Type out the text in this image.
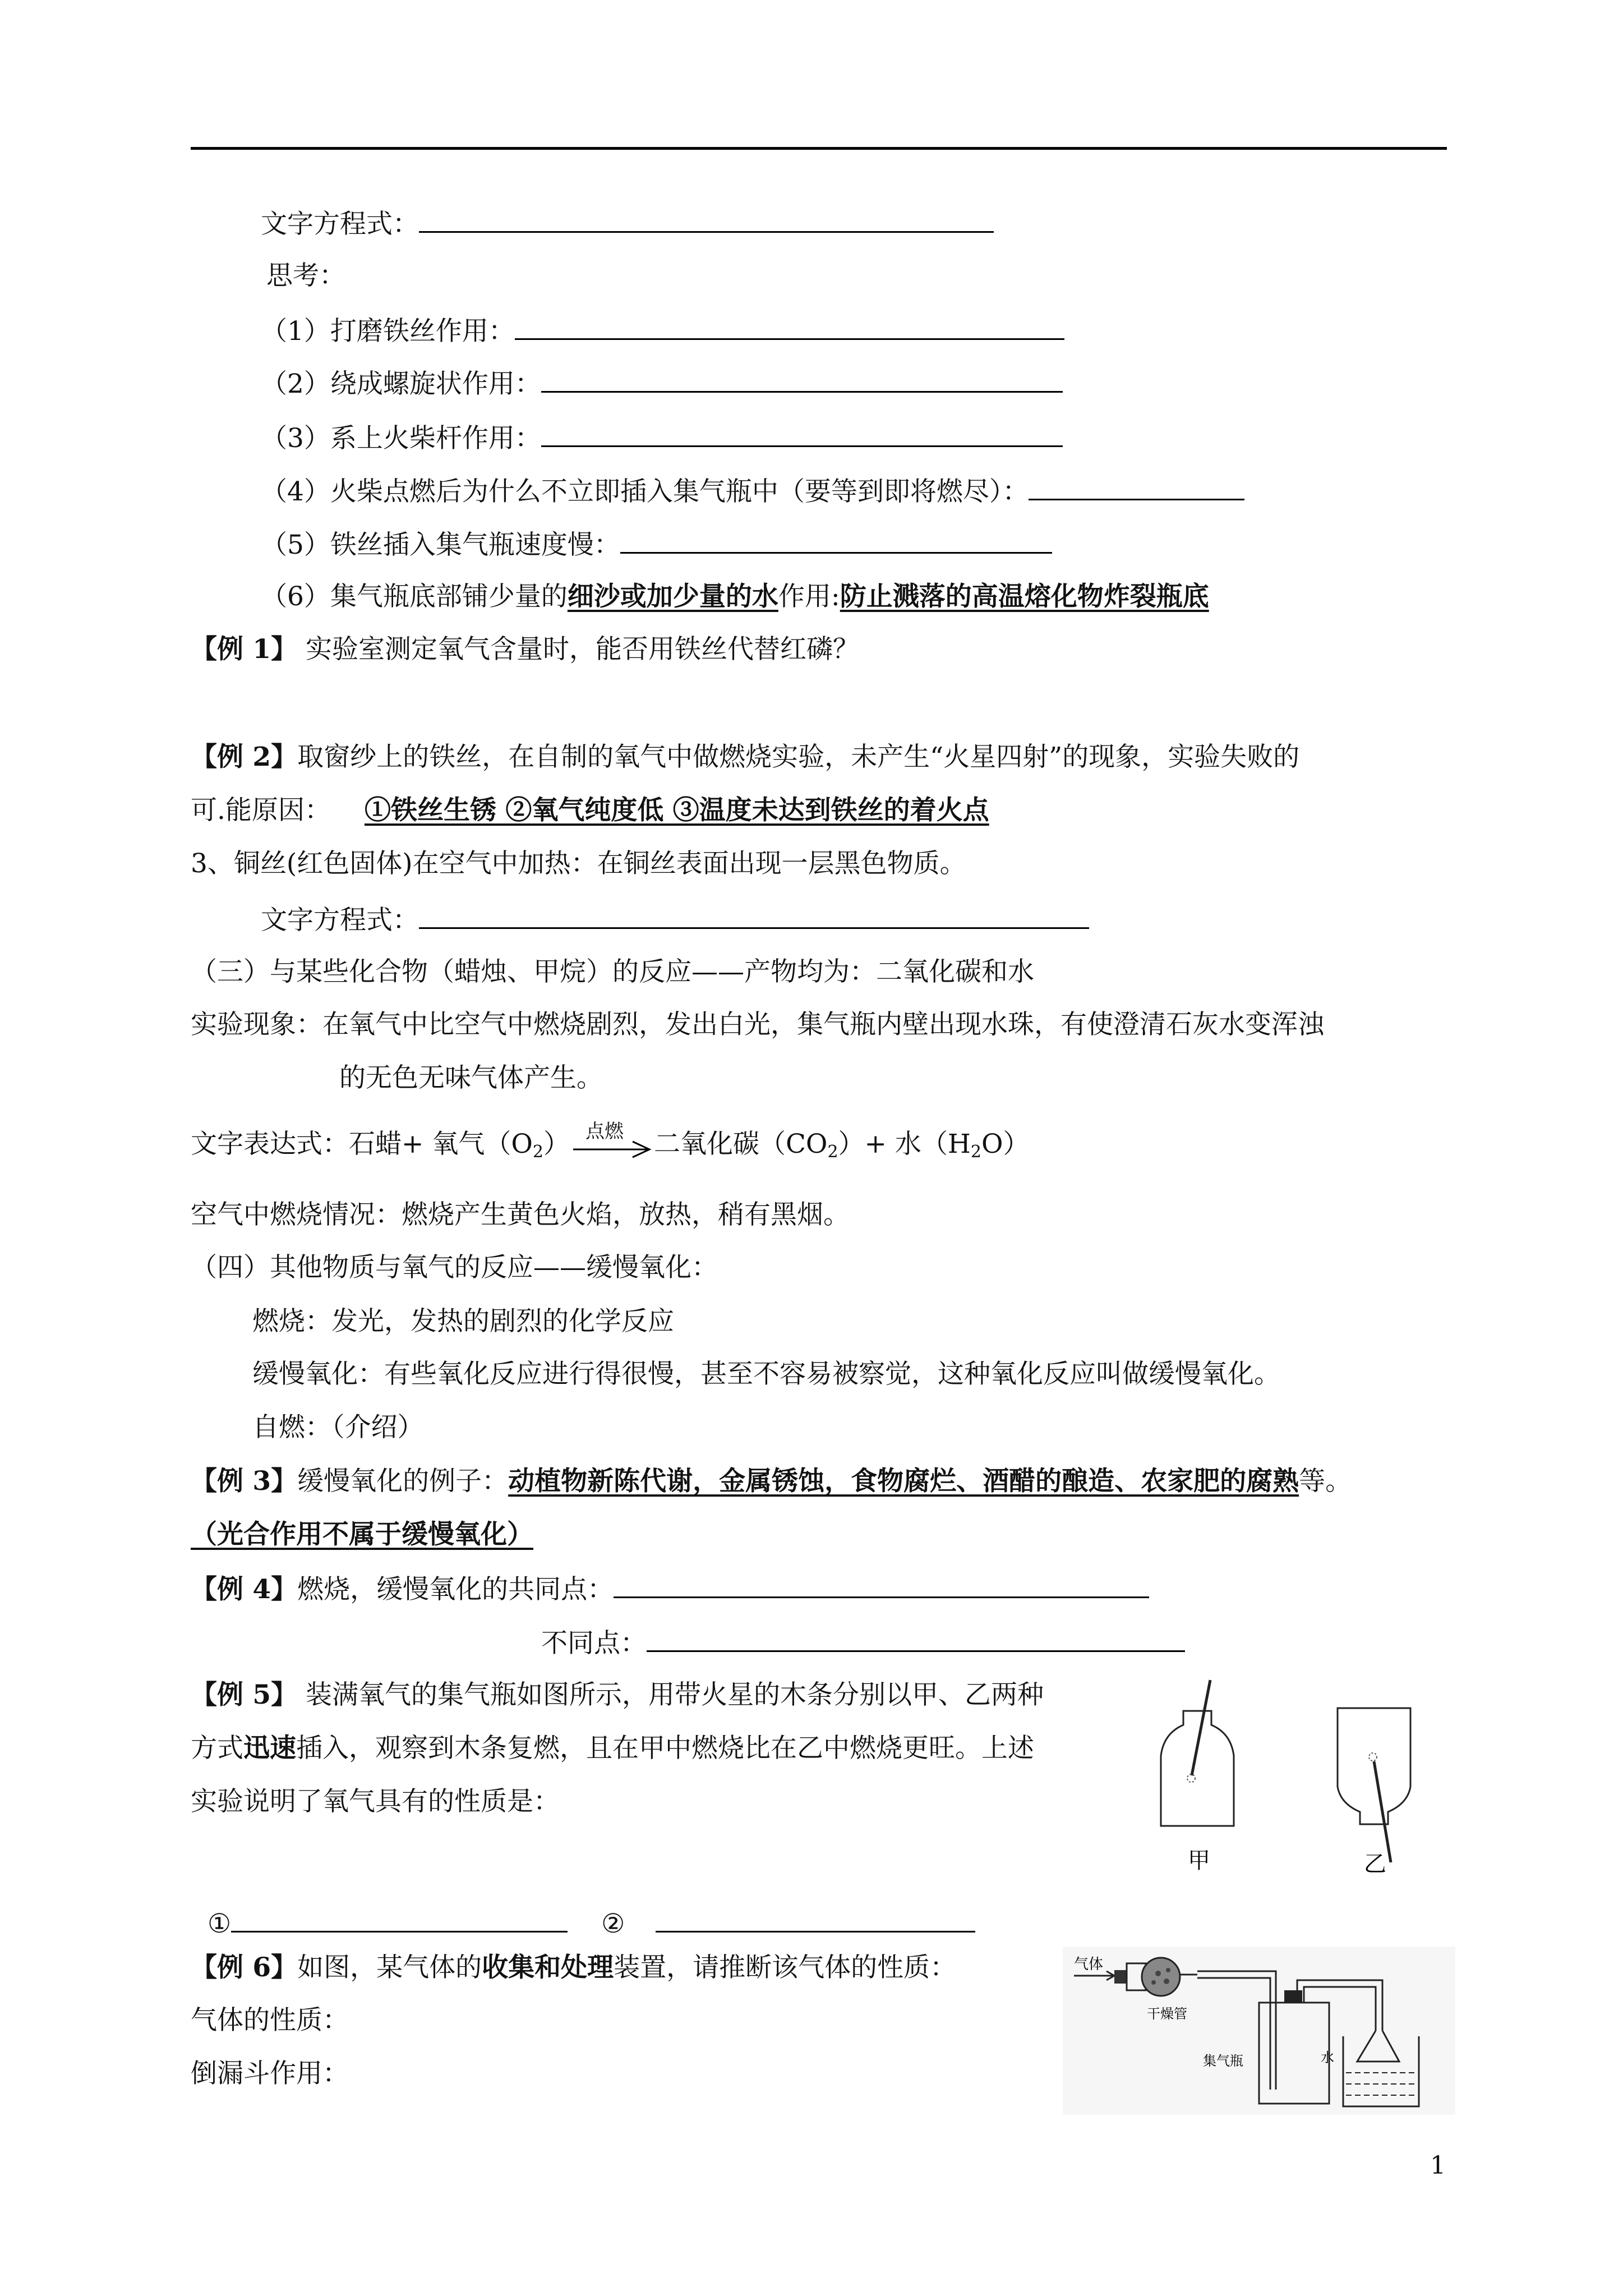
文字方程式：
思考：
（1）打磨铁丝作用：
（2）绕成螺旋状作用：
（3）系上火柴杆作用：
（4）火柴点燃后为什么不立即插入集气瓶中（要等到即将燃尽）：
（5）铁丝插入集气瓶速度慢：
（6）集气瓶底部铺少量的细沙或加少量的水作用:防止溅落的高温熔化物炸裂瓶底
【例 1】 实验室测定氧气含量时，能否用铁丝代替红磷？
【例 2】取窗纱上的铁丝，在自制的氧气中做燃烧实验，未产生“火星四射”的现象，实验失败的
可.能原因： ①铁丝生锈 ②氧气纯度低 ③温度未达到铁丝的着火点
3、铜丝(红色固体)在空气中加热：在铜丝表面出现一层黑色物质。
文字方程式：
（三）与某些化合物（蜡烛、甲烷）的反应——产物均为：二氧化碳和水
实验现象：在氧气中比空气中燃烧剧烈，发出白光，集气瓶内壁出现水珠，有使澄清石灰水变浑浊
的无色无味气体产生。
文字表达式：石蜡+ 氧气$(O_2)$ 点燃 二氧化碳$(CO_2)+$ 水$(H_2O)$
空气中燃烧情况：燃烧产生黄色火焰，放热，稍有黑烟。
（四）其他物质与氧气的反应——缓慢氧化：
燃烧：发光，发热的剧烈的化学反应
缓慢氧化：有些氧化反应进行得很慢，甚至不容易被察觉，这种氧化反应叫做缓慢氧化。
自燃：（介绍）
【例 3】缓慢氧化的例子：动植物新陈代谢，金属锈蚀，食物腐烂、酒醋的酿造、农家肥的腐熟等。
（光合作用不属于缓慢氧化）
【例 4】燃烧，缓慢氧化的共同点：
不同点：
【例 5】 装满氧气的集气瓶如图所示，用带火星的木条分别以甲、乙两种
方式迅速插入，观察到木条复燃，且在甲中燃烧比在乙中燃烧更旺。上述
实验说明了氧气具有的性质是：
①	②
甲	乙
【例 6】如图，某气体的收集和处理装置，请推断该气体的性质：
气体的性质：
倒漏斗作用：
气体
干燥管
集气瓶	水
1
